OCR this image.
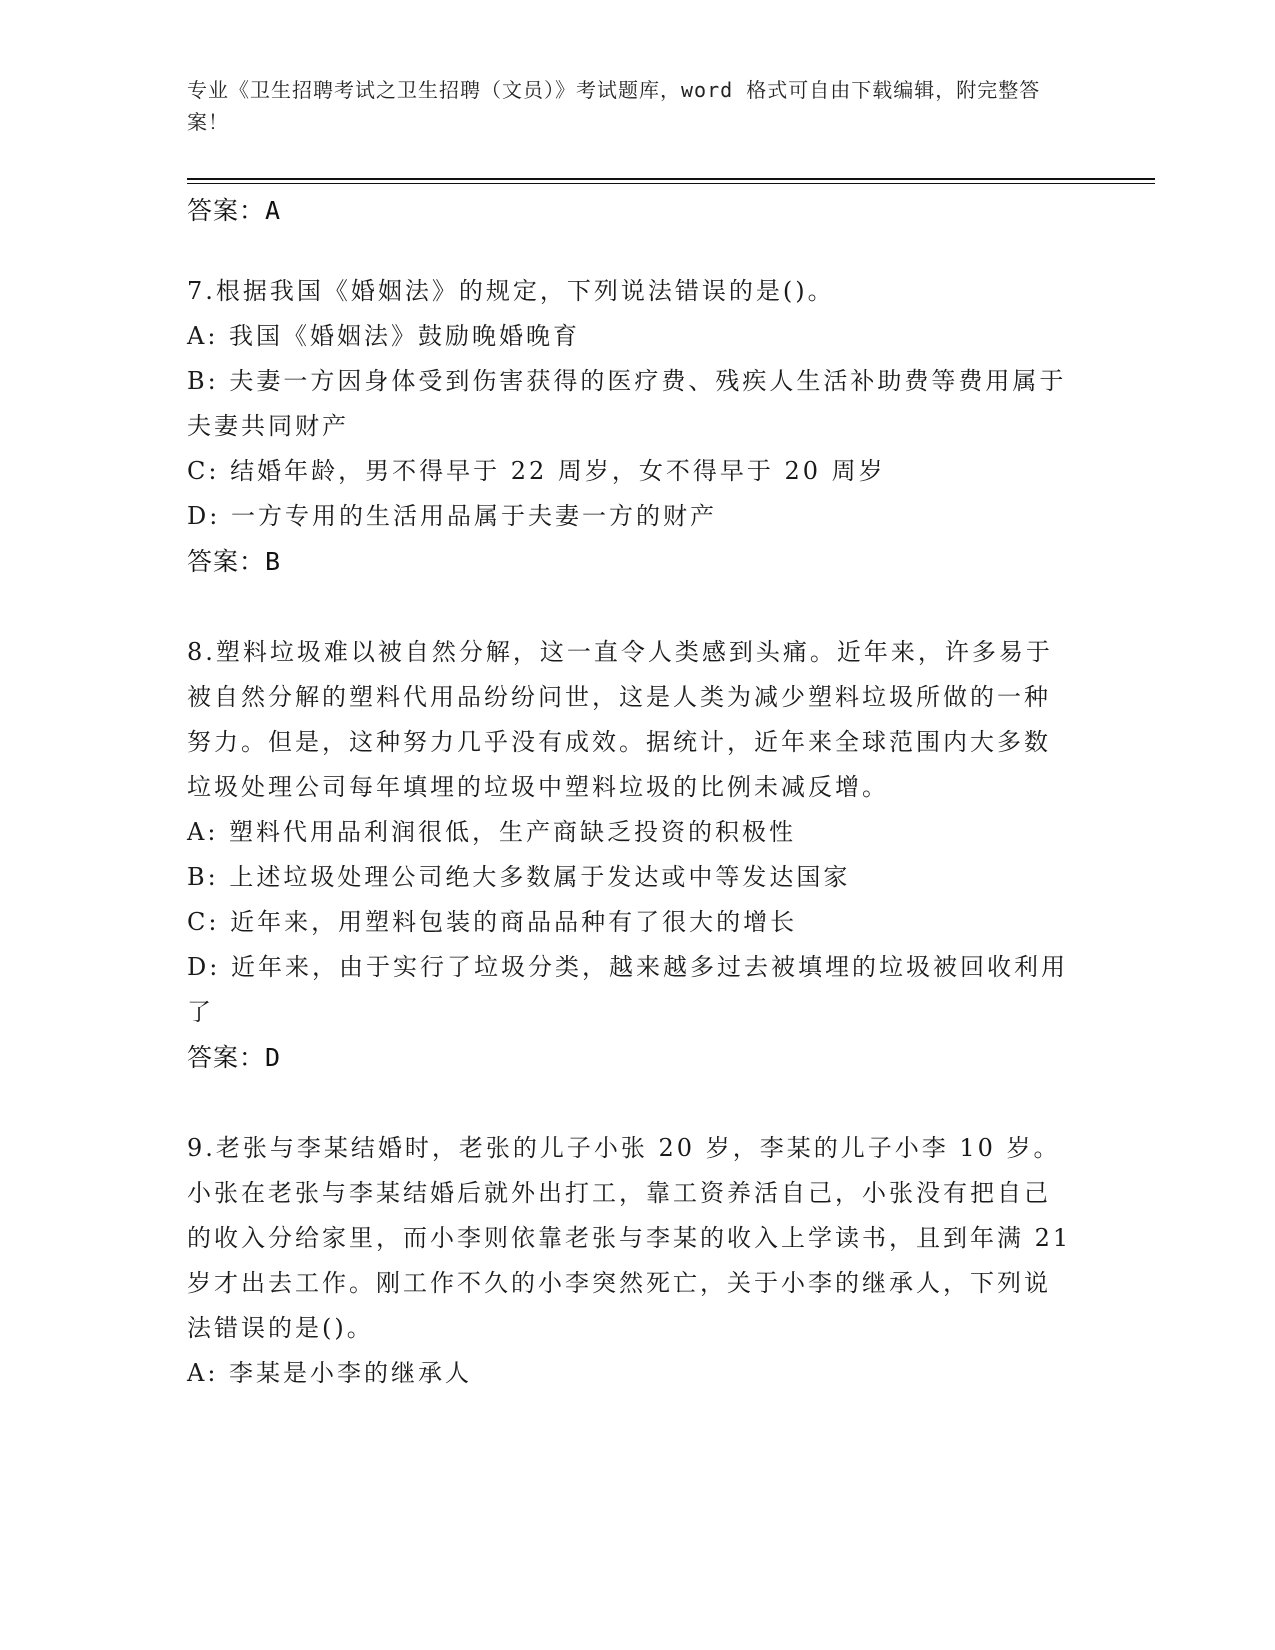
专业《卫生招聘考试之卫生招聘（文员）》考试题库，word 格式可自由下载编辑，附完整答案！
答案：A
7.根据我国《婚姻法》的规定，下列说法错误的是()。
A: 我国《婚姻法》鼓励晚婚晚育
B: 夫妻一方因身体受到伤害获得的医疗费、残疾人生活补助费等费用属于夫妻共同财产
C: 结婚年龄，男不得早于 22 周岁，女不得早于 20 周岁
D: 一方专用的生活用品属于夫妻一方的财产
答案：B
8.塑料垃圾难以被自然分解，这一直令人类感到头痛。近年来，许多易于被自然分解的塑料代用品纷纷问世，这是人类为减少塑料垃圾所做的一种努力。但是，这种努力几乎没有成效。据统计，近年来全球范围内大多数垃圾处理公司每年填埋的垃圾中塑料垃圾的比例未减反增。
A: 塑料代用品利润很低，生产商缺乏投资的积极性
B: 上述垃圾处理公司绝大多数属于发达或中等发达国家
C: 近年来，用塑料包装的商品品种有了很大的增长
D: 近年来，由于实行了垃圾分类，越来越多过去被填埋的垃圾被回收利用了
答案：D
9.老张与李某结婚时，老张的儿子小张 20 岁，李某的儿子小李 10 岁。小张在老张与李某结婚后就外出打工，靠工资养活自己，小张没有把自己的收入分给家里，而小李则依靠老张与李某的收入上学读书，且到年满 21 岁才出去工作。刚工作不久的小李突然死亡，关于小李的继承人，下列说法错误的是()。
A: 李某是小李的继承人
